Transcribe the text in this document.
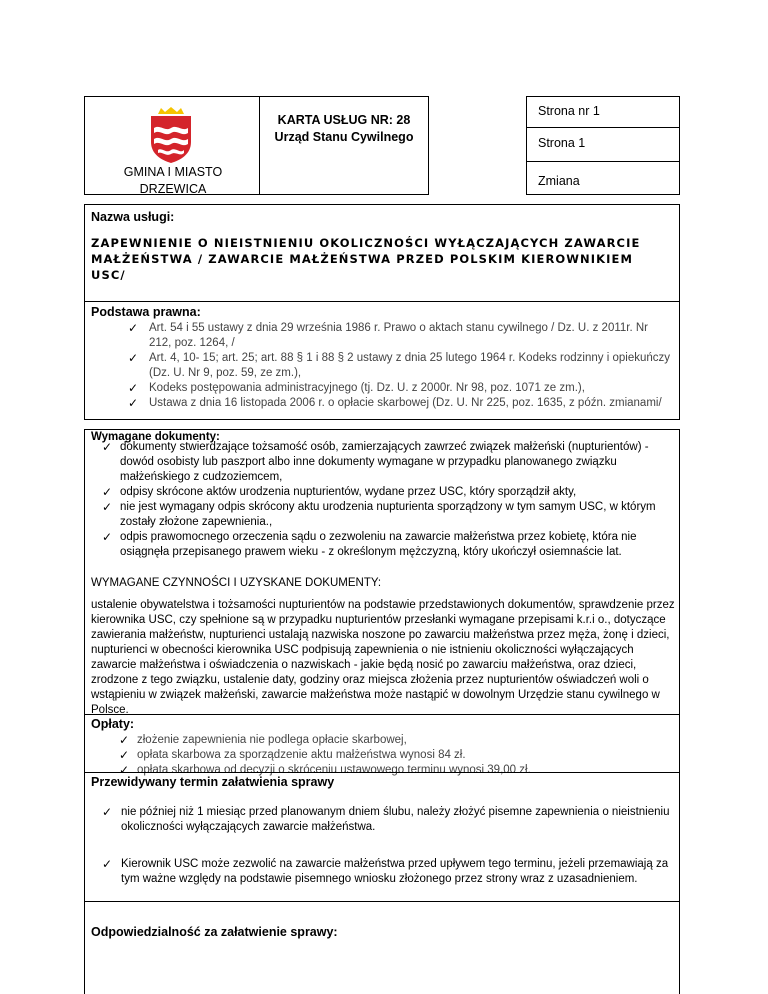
GMINA I MIASTO DRZEWICA
KARTA USŁUG NR: 28
Urząd Stanu Cywilnego
Strona nr 1
Strona 1
Zmiana
Nazwa usługi:
ZAPEWNIENIE O NIEISTNIENIU OKOLICZNOŚCI WYŁĄCZAJĄCYCH ZAWARCIE MAŁŻEŃSTWA / ZAWARCIE MAŁŻEŃSTWA PRZED POLSKIM KIEROWNIKIEM USC/
Podstawa prawna:
✓ Art. 54 i 55 ustawy z dnia 29 września 1986 r. Prawo o aktach stanu cywilnego / Dz. U. z 2011r. Nr 212, poz. 1264, /
✓ Art. 4, 10- 15; art. 25; art. 88 § 1 i 88 § 2 ustawy z dnia 25 lutego 1964 r. Kodeks rodzinny i opiekuńczy (Dz. U. Nr 9, poz. 59, ze zm.),
✓ Kodeks postępowania administracyjnego (tj. Dz. U. z 2000r. Nr 98, poz. 1071 ze zm.),
✓ Ustawa z dnia 16 listopada 2006 r. o opłacie skarbowej (Dz. U. Nr 225, poz. 1635, z późn. zmianami/
Wymagane dokumenty:
✓ dokumenty stwierdzające tożsamość osób, zamierzających zawrzeć związek małżeński (nupturientów) - dowód osobisty lub paszport albo inne dokumenty wymagane w przypadku planowanego związku małżeńskiego z cudzoziemcem,
✓ odpisy skrócone aktów urodzenia nupturientów, wydane przez USC, który sporządził akty,
✓ nie jest wymagany odpis skrócony aktu urodzenia nupturienta sporządzony w tym samym USC, w którym zostały złożone zapewnienia.,
✓ odpis prawomocnego orzeczenia sądu o zezwoleniu na zawarcie małżeństwa przez kobietę, która nie osiągnęła przepisanego prawem wieku - z określonym mężczyzną, który ukończył osiemnaście lat.
WYMAGANE CZYNNOŚCI I UZYSKANE DOKUMENTY:
ustalenie obywatelstwa i tożsamości nupturientów na podstawie przedstawionych dokumentów, sprawdzenie przez kierownika USC, czy spełnione są w przypadku nupturientów przesłanki wymagane przepisami k.r.i o., dotyczące zawierania małżeństw, nupturienci ustalają nazwiska noszone po zawarciu małżeństwa przez męża, żonę i dzieci, nupturienci w obecności kierownika USC podpisują zapewnienia o nie istnieniu okoliczności wyłączających zawarcie małżeństwa i oświadczenia o nazwiskach - jakie będą nosić po zawarciu małżeństwa, oraz dzieci, zrodzone z tego związku, ustalenie daty, godziny oraz miejsca złożenia przez nupturientów oświadczeń woli o wstąpieniu w związek małżeński, zawarcie małżeństwa może nastąpić w dowolnym Urzędzie stanu cywilnego w Polsce.
Opłaty:
✓ złożenie zapewnienia nie podlega opłacie skarbowej,
✓ opłata skarbowa za sporządzenie aktu małżeństwa wynosi 84 zł.
✓ opłata skarbowa od decyzji o skróceniu ustawowego terminu wynosi 39,00 zł.
Przewidywany termin załatwienia sprawy
✓ nie później niż 1 miesiąc przed planowanym dniem ślubu, należy złożyć pisemne zapewnienia o nieistnieniu okoliczności wyłączających zawarcie małżeństwa.
✓ Kierownik USC może zezwolić na zawarcie małżeństwa przed upływem tego terminu, jeżeli przemawiają za tym ważne względy na podstawie pisemnego wniosku złożonego przez strony wraz z uzasadnieniem.
Odpowiedzialność za załatwienie sprawy:
